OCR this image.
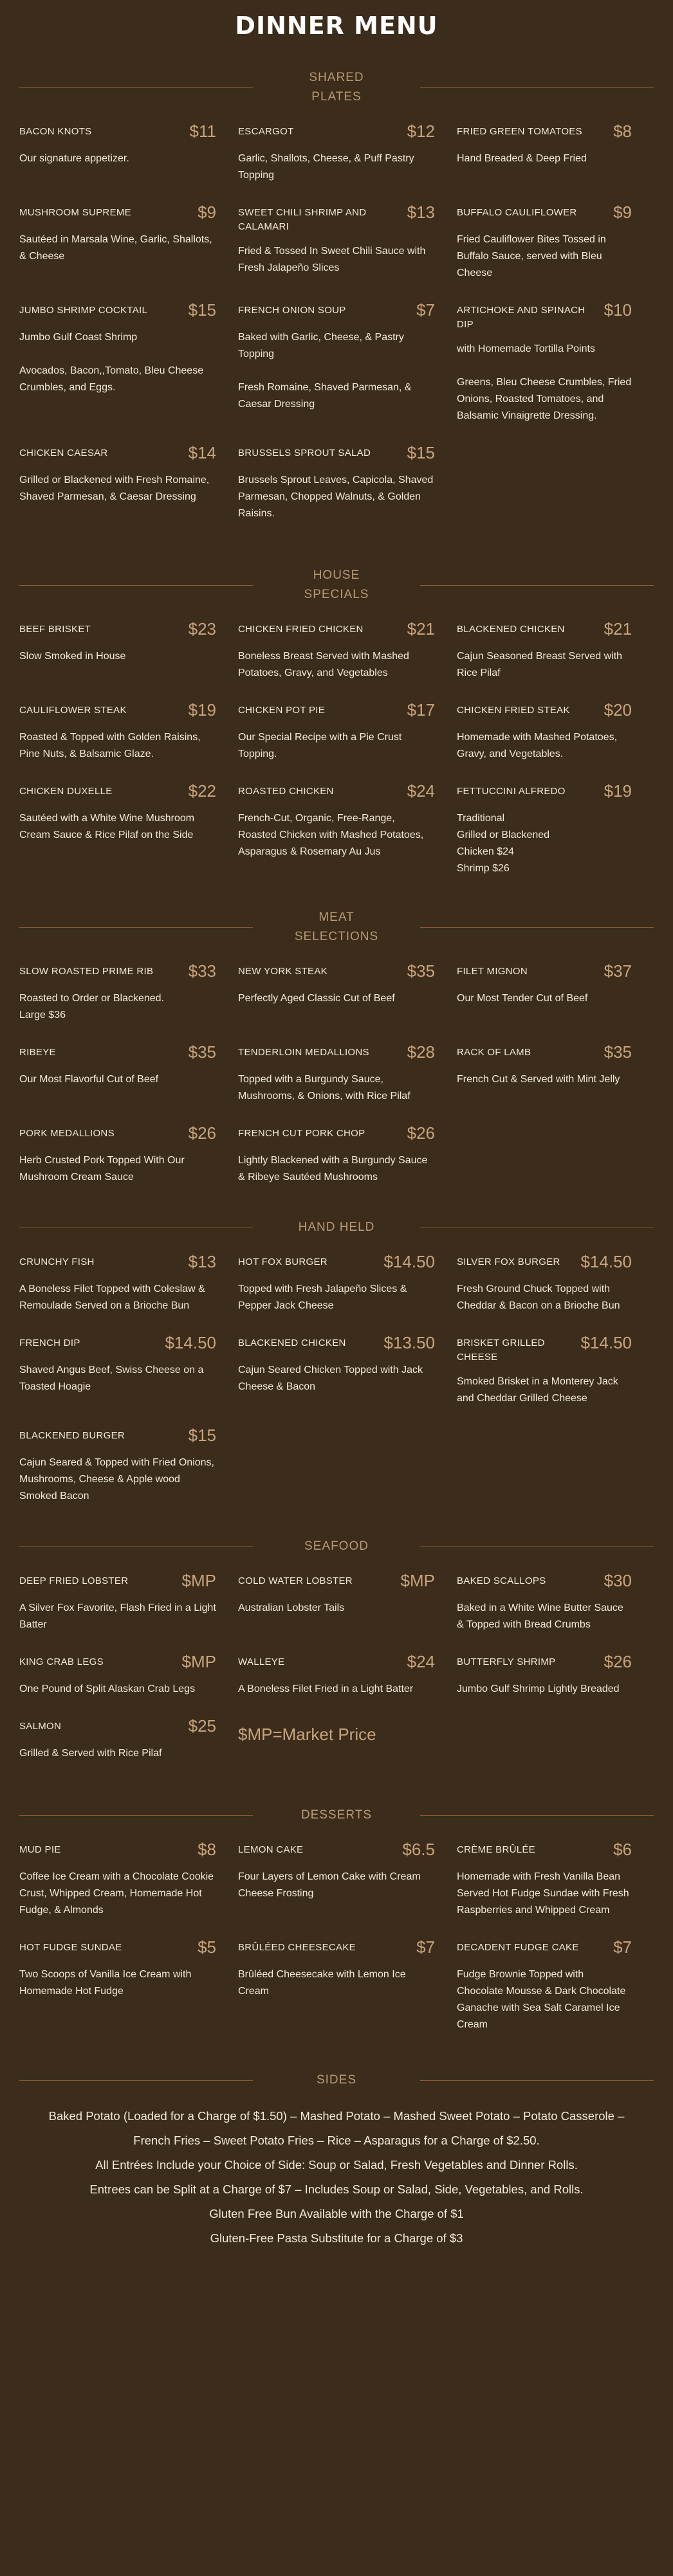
DINNER MENU
SHARED
PLATES
BACON KNOTS	$11
Our signature appetizer.
ESCARGOT	$12
Garlic, Shallots, Cheese, & Puff Pastry Topping
FRIED GREEN TOMATOES $8
Hand Breaded & Deep Fried
MUSHROOM SUPREME	$9
Sautéed in Marsala Wine, Garlic, Shallots, & Cheese
SWEET CHILI SHRIMP AND CALAMARI
$13
Fried & Tossed In Sweet Chili Sauce with Fresh Jalapeño Slices
BUFFALO CAULIFLOWER $9
Fried Cauliflower Bites Tossed in Buffalo Sauce, served with Bleu Cheese
JUMBO SHRIMP COCKTAIL $15
Jumbo Gulf Coast Shrimp

Avocados, Bacon,,Tomato, Bleu Cheese Crumbles, and Eggs.
FRENCH ONION SOUP	$7
Baked with Garlic, Cheese, & Pastry Topping

Fresh Romaine, Shaved Parmesan, & Caesar Dressing
ARTICHOKE AND SPINACH DIP
$10
with Homemade Tortilla Points

Greens, Bleu Cheese Crumbles, Fried Onions, Roasted Tomatoes, and Balsamic Vinaigrette Dressing.
CHICKEN CAESAR	$14
Grilled or Blackened with Fresh Romaine, Shaved Parmesan, & Caesar Dressing
BRUSSELS SPROUT SALAD $15
Brussels Sprout Leaves, Capicola, Shaved Parmesan, Chopped Walnuts, & Golden Raisins.
HOUSE
SPECIALS
BEEF BRISKET	$23
Slow Smoked in House
CHICKEN FRIED CHICKEN	$21
Boneless Breast Served with Mashed Potatoes, Gravy, and Vegetables
BLACKENED CHICKEN $21
Cajun Seasoned Breast Served with Rice Pilaf
CAULIFLOWER STEAK	$19
Roasted & Topped with Golden Raisins, Pine Nuts, & Balsamic Glaze.
CHICKEN POT PIE	$17
Our Special Recipe with a Pie Crust Topping.
CHICKEN FRIED STEAK $20
Homemade with Mashed Potatoes, Gravy, and Vegetables.
CHICKEN DUXELLE	$22
Sautéed with a White Wine Mushroom Cream Sauce & Rice Pilaf on the Side
ROASTED CHICKEN	$24
French-Cut, Organic, Free-Range, Roasted Chicken with Mashed Potatoes, Asparagus & Rosemary Au Jus
FETTUCCINI ALFREDO $19
Traditional
Grilled or Blackened
Chicken $24
Shrimp $26
MEAT
SELECTIONS
SLOW ROASTED PRIME RIB $33
Roasted to Order or Blackened.
Large $36
NEW YORK STEAK	$35
Perfectly Aged Classic Cut of Beef
FILET MIGNON	$37
Our Most Tender Cut of Beef
RIBEYE	$35
Our Most Flavorful Cut of Beef
TENDERLOIN MEDALLIONS $28
Topped with a Burgundy Sauce, Mushrooms, & Onions, with Rice Pilaf
RACK OF LAMB	$35
French Cut & Served with Mint Jelly
PORK MEDALLIONS	$26
Herb Crusted Pork Topped With Our Mushroom Cream Sauce
FRENCH CUT PORK CHOP	$26
Lightly Blackened with a Burgundy Sauce & Ribeye Sautéed Mushrooms
HAND HELD
CRUNCHY FISH	$13
A Boneless Filet Topped with Coleslaw & Remoulade Served on a Brioche Bun
HOT FOX BURGER	$14.50
Topped with Fresh Jalapeño Slices & Pepper Jack Cheese
SILVER FOX BURGER $14.50
Fresh Ground Chuck Topped with Cheddar & Bacon on a Brioche Bun
FRENCH DIP	$14.50
Shaved Angus Beef, Swiss Cheese on a Toasted Hoagie
BLACKENED CHICKEN $13.50
Cajun Seared Chicken Topped with Jack Cheese & Bacon
BRISKET GRILLED CHEESE
$14.50
Smoked Brisket in a Monterey Jack and Cheddar Grilled Cheese
BLACKENED BURGER	$15
Cajun Seared & Topped with Fried Onions, Mushrooms, Cheese & Apple wood Smoked Bacon
SEAFOOD
DEEP FRIED LOBSTER	$MP
A Silver Fox Favorite, Flash Fried in a Light Batter
COLD WATER LOBSTER	$MP
Australian Lobster Tails
BAKED SCALLOPS	$30
Baked in a White Wine Butter Sauce & Topped with Bread Crumbs
KING CRAB LEGS	$MP
One Pound of Split Alaskan Crab Legs
WALLEYE	$24
A Boneless Filet Fried in a Light Batter
BUTTERFLY SHRIMP	$26
Jumbo Gulf Shrimp Lightly Breaded
SALMON	$25
Grilled & Served with Rice Pilaf
$MP=Market Price
DESSERTS
MUD PIE	$8
Coffee Ice Cream with a Chocolate Cookie Crust, Whipped Cream, Homemade Hot Fudge, & Almonds
LEMON CAKE	$6.5
Four Layers of Lemon Cake with Cream Cheese Frosting
CRÈME BRÛLÉE	$6
Homemade with Fresh Vanilla Bean Served Hot Fudge Sundae with Fresh Raspberries and Whipped Cream
HOT FUDGE SUNDAE	$5
Two Scoops of Vanilla Ice Cream with Homemade Hot Fudge
BRÛLÉED CHEESECAKE	$7
Brûléed Cheesecake with Lemon Ice Cream
DECADENT FUDGE CAKE $7
Fudge Brownie Topped with Chocolate Mousse & Dark Chocolate Ganache with Sea Salt Caramel Ice Cream
SIDES

Baked Potato (Loaded for a Charge of $1.50) – Mashed Potato – Mashed Sweet Potato – Potato Casserole – French Fries – Sweet Potato Fries – Rice – Asparagus for a Charge of $2.50.

All Entrées Include your Choice of Side: Soup or Salad, Fresh Vegetables and Dinner Rolls.

Entrees can be Split at a Charge of $7 – Includes Soup or Salad, Side, Vegetables, and Rolls.

Gluten Free Bun Available with the Charge of $1

Gluten-Free Pasta Substitute for a Charge of $3
